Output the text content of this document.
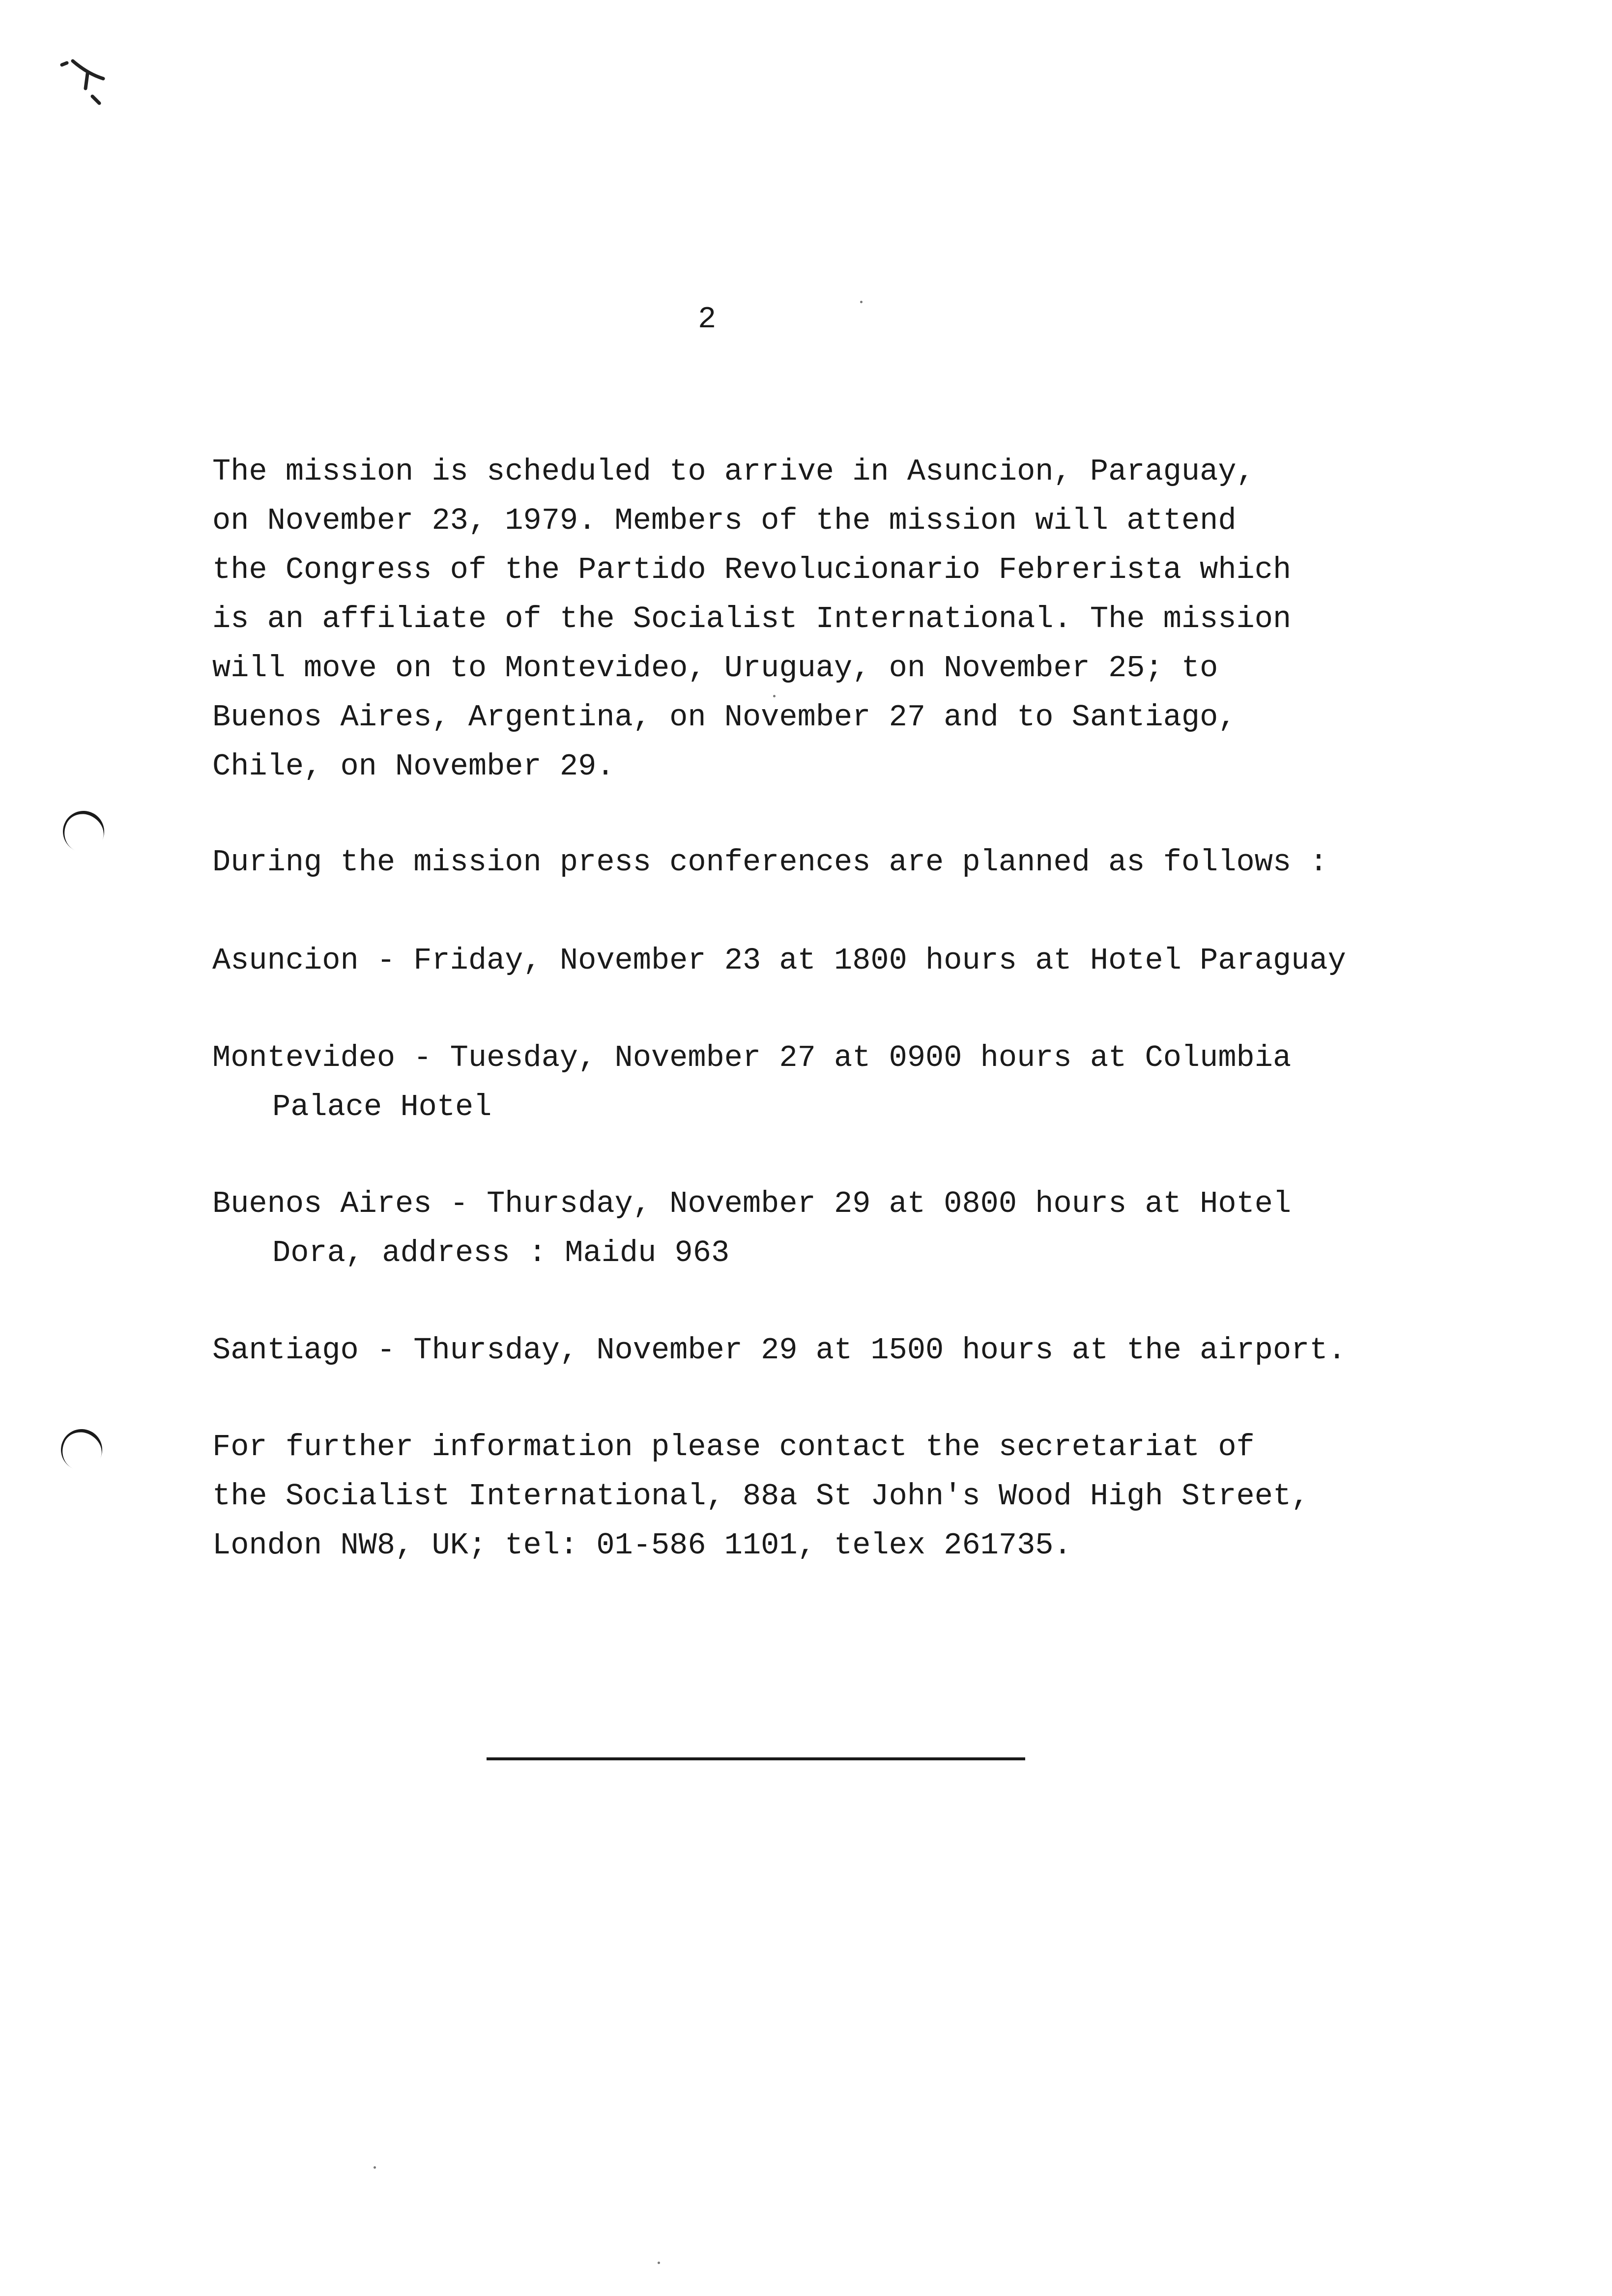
2
The mission is scheduled to arrive in Asuncion, Paraguay,
on November 23, 1979. Members of the mission will attend
the Congress of the Partido Revolucionario Febrerista which
is an affiliate of the Socialist International. The mission
will move on to Montevideo, Uruguay, on November 25; to
Buenos Aires, Argentina, on November 27 and to Santiago,
Chile, on November 29.
During the mission press conferences are planned as follows :
Asuncion - Friday, November 23 at 1800 hours at Hotel Paraguay
Montevideo - Tuesday, November 27 at 0900 hours at Columbia
Palace Hotel
Buenos Aires - Thursday, November 29 at 0800 hours at Hotel
Dora, address : Maidu 963
Santiago - Thursday, November 29 at 1500 hours at the airport.
For further information please contact the secretariat of
the Socialist International, 88a St John's Wood High Street,
London NW8, UK; tel: 01-586 1101, telex 261735.
